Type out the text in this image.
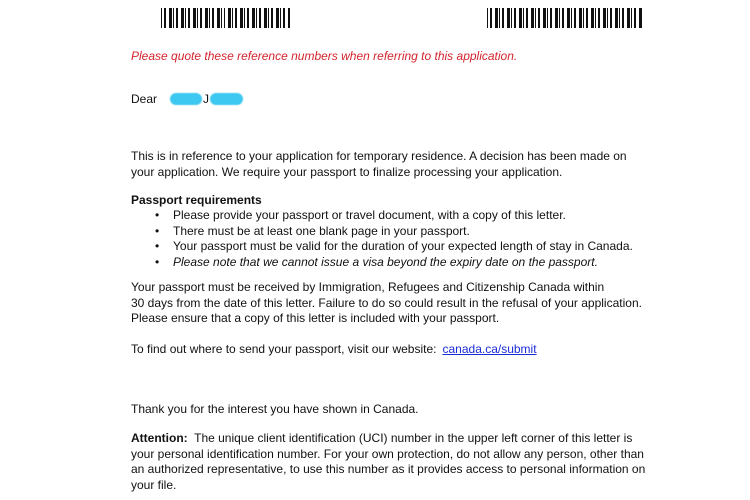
Please quote these reference numbers when referring to this application.
Dear	J
This is in reference to your application for temporary residence. A decision has been made on
your application. We require your passport to finalize processing your application.
Passport requirements
• Please provide your passport or travel document, with a copy of this letter.
• There must be at least one blank page in your passport.
• Your passport must be valid for the duration of your expected length of stay in Canada.
• Please note that we cannot issue a visa beyond the expiry date on the passport.
Your passport must be received by Immigration, Refugees and Citizenship Canada within
30 days from the date of this letter. Failure to do so could result in the refusal of your application.
Please ensure that a copy of this letter is included with your passport.
To find out where to send your passport, visit our website: canada.ca/submit
Thank you for the interest you have shown in Canada.
Attention: The unique client identification (UCI) number in the upper left corner of this letter is
your personal identification number. For your own protection, do not allow any person, other than
an authorized representative, to use this number as it provides access to personal information on
your file.
